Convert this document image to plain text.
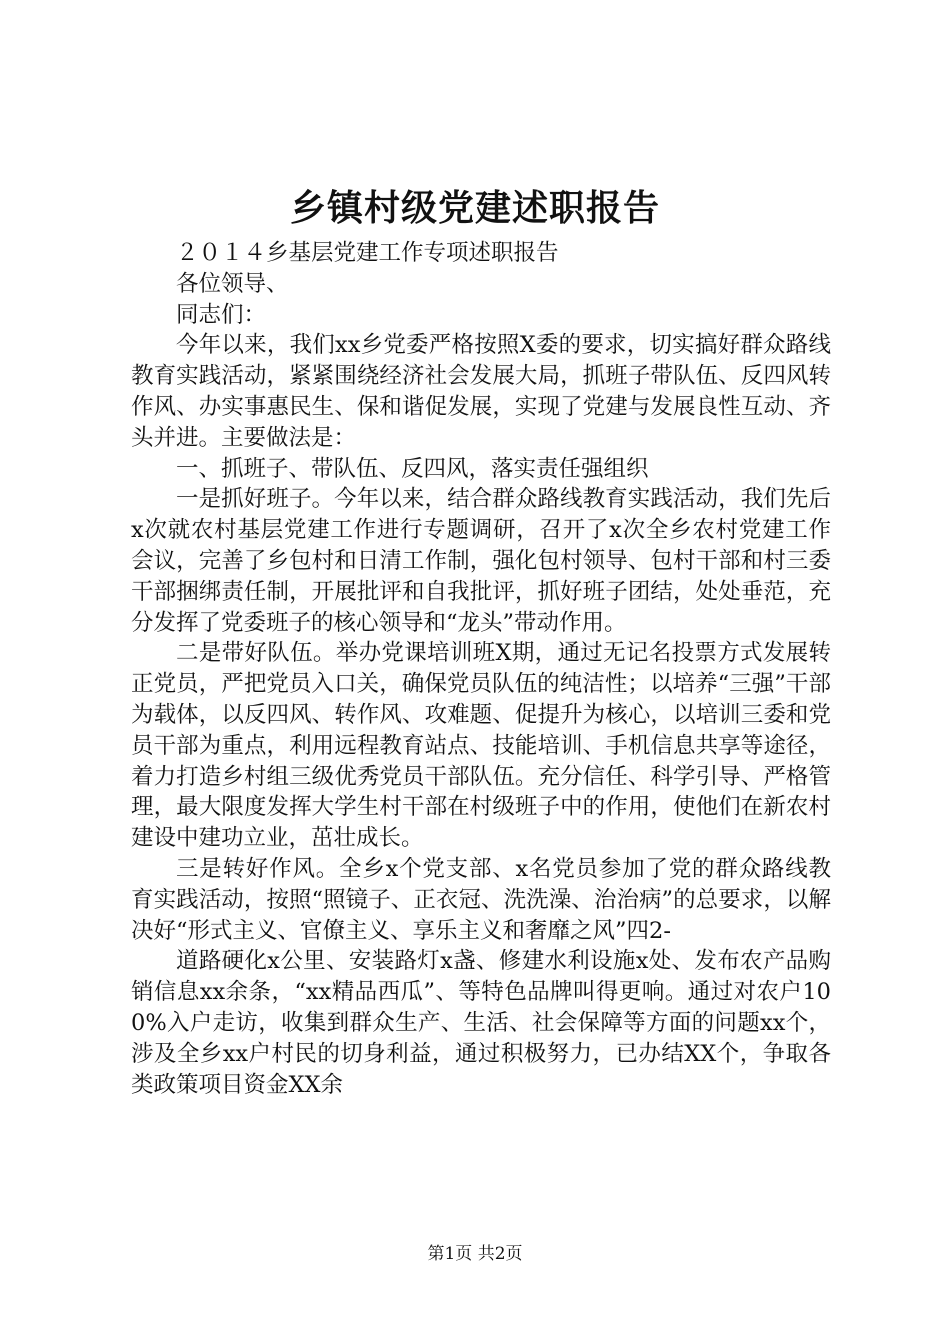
乡镇村级党建述职报告

２０１４乡基层党建工作专项述职报告

各位领导、

同志们：

今年以来，我们xx乡党委严格按照X委的要求，切实搞好群众路线教育实践活动，紧紧围绕经济社会发展大局，抓班子带队伍、反四风转作风、办实事惠民生、保和谐促发展，实现了党建与发展良性互动、齐头并进。主要做法是：

一、抓班子、带队伍、反四风，落实责任强组织

一是抓好班子。今年以来，结合群众路线教育实践活动，我们先后x次就农村基层党建工作进行专题调研，召开了x次全乡农村党建工作会议，完善了乡包村和日清工作制，强化包村领导、包村干部和村三委干部捆绑责任制，开展批评和自我批评，抓好班子团结，处处垂范，充分发挥了党委班子的核心领导和“龙头”带动作用。

二是带好队伍。举办党课培训班X期，通过无记名投票方式发展转正党员，严把党员入口关，确保党员队伍的纯洁性；以培养“三强”干部为载体，以反四风、转作风、攻难题、促提升为核心，以培训三委和党员干部为重点，利用远程教育站点、技能培训、手机信息共享等途径，着力打造乡村组三级优秀党员干部队伍。充分信任、科学引导、严格管理，最大限度发挥大学生村干部在村级班子中的作用，使他们在新农村建设中建功立业，茁壮成长。

三是转好作风。全乡x个党支部、x名党员参加了党的群众路线教育实践活动，按照“照镜子、正衣冠、洗洗澡、治治病”的总要求，以解决好“形式主义、官僚主义、享乐主义和奢靡之风”四2-

道路硬化x公里、安装路灯x盏、修建水利设施x处、发布农产品购销信息xx余条，“xx精品西瓜”、等特色品牌叫得更响。通过对农户100%入户走访，收集到群众生产、生活、社会保障等方面的问题xx个，涉及全乡xx户村民的切身利益，通过积极努力，已办结XX个，争取各类政策项目资金XX余

第1页 共2页
